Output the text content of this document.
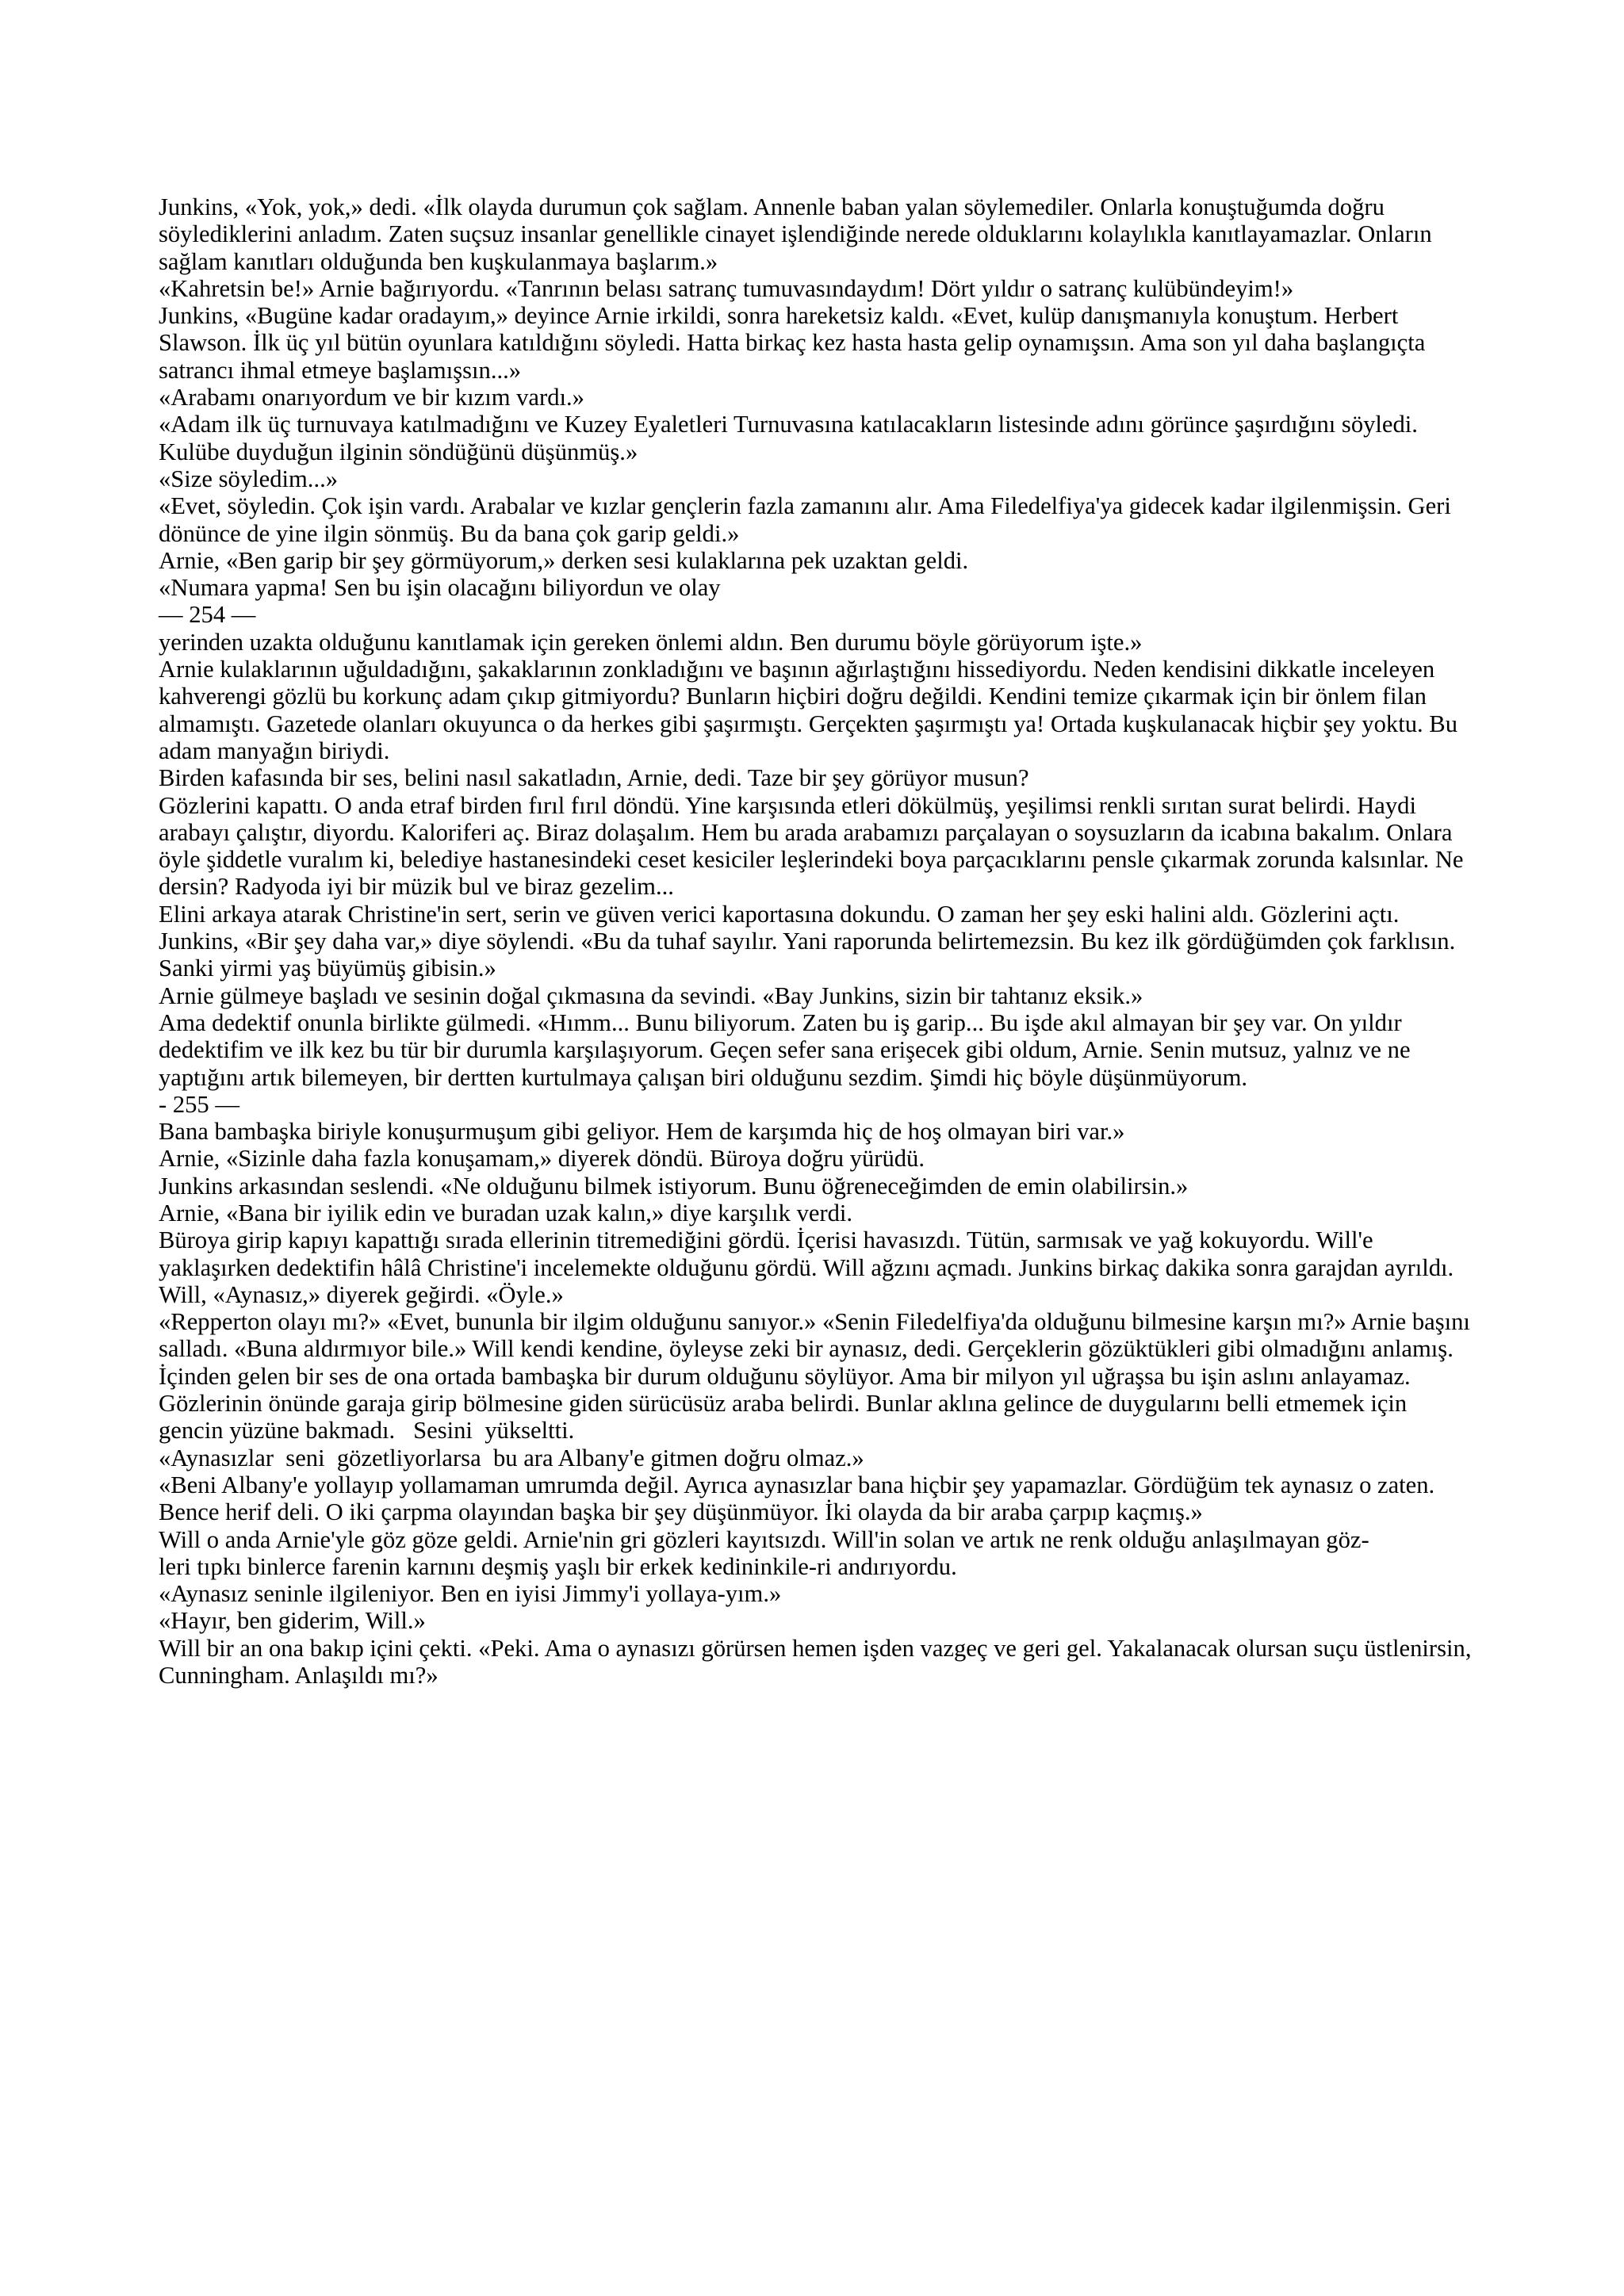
Junkins, «Yok, yok,» dedi. «İlk olayda durumun çok sağlam. Annenle baban yalan söylemediler. Onlarla konuştuğumda doğru söylediklerini anladım. Zaten suçsuz insanlar genellikle cinayet işlendiğinde nerede olduklarını kolaylıkla kanıtlayamazlar. Onların sağlam kanıtları olduğunda ben kuşkulanmaya başlarım.»

«Kahretsin be!» Arnie bağırıyordu. «Tanrının belası satranç tumuvasındaydım! Dört yıldır o satranç kulübündeyim!»

Junkins, «Bugüne kadar oradayım,» deyince Arnie irkildi, sonra hareketsiz kaldı. «Evet, kulüp danışmanıyla konuştum. Herbert Slawson. İlk üç yıl bütün oyunlara katıldığını söyledi. Hatta birkaç kez hasta hasta gelip oynamışsın. Ama son yıl daha başlangıçta satrancı ihmal etmeye başlamışsın...»

«Arabamı onarıyordum ve bir kızım vardı.»

«Adam ilk üç turnuvaya katılmadığını ve Kuzey Eyaletleri Turnuvasına katılacakların listesinde adını görünce şaşırdığını söyledi. Kulübe duyduğun ilginin söndüğünü düşünmüş.»

«Size söyledim...»

«Evet, söyledin. Çok işin vardı. Arabalar ve kızlar gençlerin fazla zamanını alır. Ama Filedelfiya'ya gidecek kadar ilgilenmişsin. Geri dönünce de yine ilgin sönmüş. Bu da bana çok garip geldi.»

Arnie, «Ben garip bir şey görmüyorum,» derken sesi kulaklarına pek uzaktan geldi.

«Numara yapma! Sen bu işin olacağını biliyordun ve olay

— 254 —

yerinden uzakta olduğunu kanıtlamak için gereken önlemi aldın. Ben durumu böyle görüyorum işte.»

Arnie kulaklarının uğuldadığını, şakaklarının zonkladığını ve başının ağırlaştığını hissediyordu. Neden kendisini dikkatle inceleyen kahverengi gözlü bu korkunç adam çıkıp gitmiyordu? Bunların hiçbiri doğru değildi. Kendini temize çıkarmak için bir önlem filan almamıştı. Gazetede olanları okuyunca o da herkes gibi şaşırmıştı. Gerçekten şaşırmıştı ya! Ortada kuşkulanacak hiçbir şey yoktu. Bu adam manyağın biriydi.

Birden kafasında bir ses, belini nasıl sakatladın, Arnie, dedi. Taze bir şey görüyor musun?

Gözlerini kapattı. O anda etraf birden fırıl fırıl döndü. Yine karşısında etleri dökülmüş, yeşilimsi renkli sırıtan surat belirdi. Haydi arabayı çalıştır, diyordu. Kaloriferi aç. Biraz dolaşalım. Hem bu arada arabamızı parçalayan o soysuzların da icabına bakalım. Onlara öyle şiddetle vuralım ki, belediye hastanesindeki ceset kesiciler leşlerindeki boya parçacıklarını pensle çıkarmak zorunda kalsınlar. Ne dersin? Radyoda iyi bir müzik bul ve biraz gezelim...

Elini arkaya atarak Christine'in sert, serin ve güven verici kaportasına dokundu. O zaman her şey eski halini aldı. Gözlerini açtı.

Junkins, «Bir şey daha var,» diye söylendi. «Bu da tuhaf sayılır. Yani raporunda belirtemezsin. Bu kez ilk gördüğümden çok farklısın. Sanki yirmi yaş büyümüş gibisin.»

Arnie gülmeye başladı ve sesinin doğal çıkmasına da sevindi. «Bay Junkins, sizin bir tahtanız eksik.»

Ama dedektif onunla birlikte gülmedi. «Hımm... Bunu biliyorum. Zaten bu iş garip... Bu işde akıl almayan bir şey var. On yıldır dedektifim ve ilk kez bu tür bir durumla karşılaşıyorum. Geçen sefer sana erişecek gibi oldum, Arnie. Senin mutsuz, yalnız ve ne yaptığını artık bilemeyen, bir dertten kurtulmaya çalışan biri olduğunu sezdim. Şimdi hiç böyle düşünmüyorum.

- 255 —

Bana bambaşka biriyle konuşurmuşum gibi geliyor. Hem de karşımda hiç de hoş olmayan biri var.»

Arnie, «Sizinle daha fazla konuşamam,» diyerek döndü. Büroya doğru yürüdü.

Junkins arkasından seslendi. «Ne olduğunu bilmek istiyorum. Bunu öğreneceğimden de emin olabilirsin.»

Arnie, «Bana bir iyilik edin ve buradan uzak kalın,» diye karşılık verdi.

Büroya girip kapıyı kapattığı sırada ellerinin titremediğini gördü. İçerisi havasızdı. Tütün, sarmısak ve yağ kokuyordu. Will'e yaklaşırken dedektifin hâlâ Christine'i incelemekte olduğunu gördü. Will ağzını açmadı. Junkins birkaç dakika sonra garajdan ayrıldı.

Will, «Aynasız,» diyerek geğirdi. «Öyle.»

«Repperton olayı mı?» «Evet, bununla bir ilgim olduğunu sanıyor.» «Senin Filedelfiya'da olduğunu bilmesine karşın mı?» Arnie başını salladı. «Buna aldırmıyor bile.» Will kendi kendine, öyleyse zeki bir aynasız, dedi. Gerçeklerin gözüktükleri gibi olmadığını anlamış. İçinden gelen bir ses de ona ortada bambaşka bir durum olduğunu söylüyor. Ama bir milyon yıl uğraşsa bu işin aslını anlayamaz. Gözlerinin önünde garaja girip bölmesine giden sürücüsüz araba belirdi. Bunlar aklına gelince de duygularını belli etmemek için gencin yüzüne bakmadı.   Sesini  yükseltti.

«Aynasızlar  seni  gözetliyorlarsa  bu ara Albany'e gitmen doğru olmaz.»

«Beni Albany'e yollayıp yollamaman umrumda değil. Ayrıca aynasızlar bana hiçbir şey yapamazlar. Gördüğüm tek aynasız o zaten. Bence herif deli. O iki çarpma olayından başka bir şey düşünmüyor. İki olayda da bir araba çarpıp kaçmış.»

Will o anda Arnie'yle göz göze geldi. Arnie'nin gri gözleri kayıtsızdı. Will'in solan ve artık ne renk olduğu anlaşılmayan göz-

leri tıpkı binlerce farenin karnını deşmiş yaşlı bir erkek kedininkile-ri andırıyordu.

«Aynasız seninle ilgileniyor. Ben en iyisi Jimmy'i yollaya-yım.»

«Hayır, ben giderim, Will.»

Will bir an ona bakıp içini çekti. «Peki. Ama o aynasızı görürsen hemen işden vazgeç ve geri gel. Yakalanacak olursan suçu üstlenirsin, Cunningham. Anlaşıldı mı?»
